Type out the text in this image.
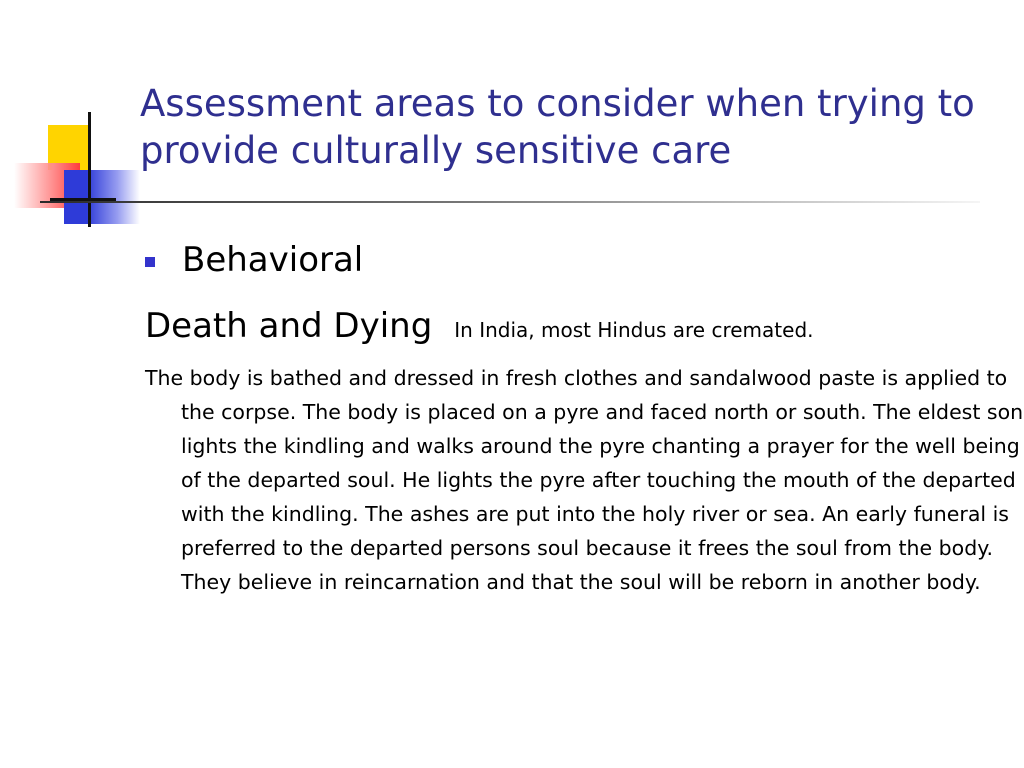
Assessment areas to consider when trying to provide culturally sensitive care
Behavioral
Death and Dying In India, most Hindus are cremated.

The body is bathed and dressed in fresh clothes and sandalwood paste is applied to the corpse. The body is placed on a pyre and faced north or south. The eldest son lights the kindling and walks around the pyre chanting a prayer for the well being of the departed soul. He lights the pyre after touching the mouth of the departed with the kindling. The ashes are put into the holy river or sea. An early funeral is preferred to the departed persons soul because it frees the soul from the body. They believe in reincarnation and that the soul will be reborn in another body.
